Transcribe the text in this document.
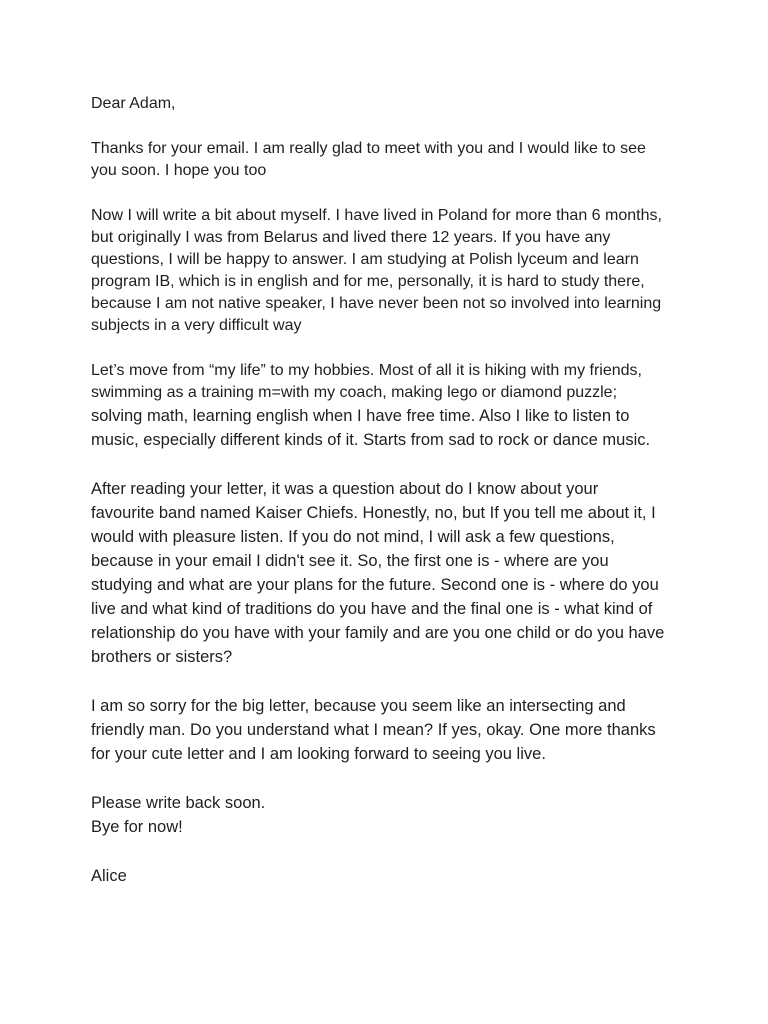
Dear Adam,
Thanks for your email. I am really glad to meet with you and I would like to see
you soon. I hope you too
Now I will write a bit about myself. I have lived in Poland for more than 6 months,
but originally I was from Belarus and lived there 12 years. If you have any
questions, I will be happy to answer. I am studying at Polish lyceum and learn
program IB, which is in english and for me, personally, it is hard to study there,
because I am not native speaker, I have never been not so involved into learning
subjects in a very difficult way
Let’s move from “my life” to my hobbies. Most of all it is hiking with my friends,
swimming as a training m=with my coach, making lego or diamond puzzle;
solving math, learning english when I have free time. Also I like to listen to
music, especially different kinds of it. Starts from sad to rock or dance music.
After reading your letter, it was a question about do I know about your
favourite band named Kaiser Chiefs. Honestly, no, but If you tell me about it, I
would with pleasure listen. If you do not mind, I will ask a few questions,
because in your email I didn't see it. So, the first one is - where are you
studying and what are your plans for the future. Second one is - where do you
live and what kind of traditions do you have and the final one is - what kind of
relationship do you have with your family and are you one child or do you have
brothers or sisters?
I am so sorry for the big letter, because you seem like an intersecting and
friendly man. Do you understand what I mean? If yes, okay. One more thanks
for your cute letter and I am looking forward to seeing you live.
Please write back soon.
Bye for now!
Alice
